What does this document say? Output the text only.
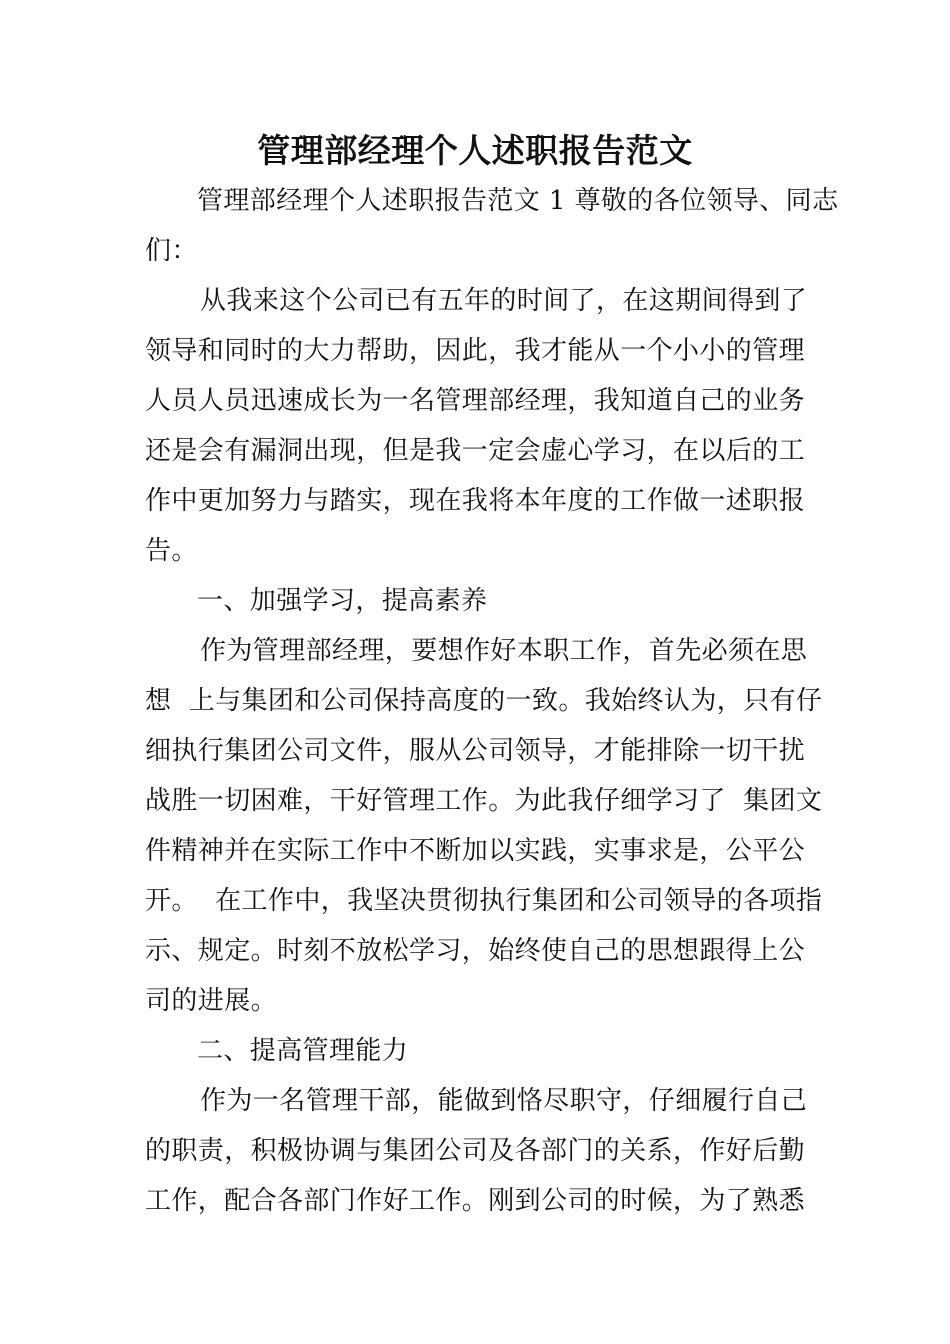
管理部经理个人述职报告范文
管理部经理个人述职报告范文 1 尊敬的各位领导、同志
们：
从我来这个公司已有五年的时间了，在这期间得到了
领导和同时的大力帮助，因此，我才能从一个小小的管理
人员人员迅速成长为一名管理部经理，我知道自己的业务
还是会有漏洞出现，但是我一定会虚心学习，在以后的工
作中更加努力与踏实，现在我将本年度的工作做一述职报
告。
一、加强学习，提高素养
作为管理部经理，要想作好本职工作，首先必须在思
想  上与集团和公司保持高度的一致。我始终认为，只有仔
细执行集团公司文件，服从公司领导，才能排除一切干扰
战胜一切困难，干好管理工作。为此我仔细学习了  集团文
件精神并在实际工作中不断加以实践，实事求是，公平公
开。  在工作中，我坚决贯彻执行集团和公司领导的各项指
示、规定。时刻不放松学习，始终使自己的思想跟得上公
司的进展。
二、提高管理能力
作为一名管理干部，能做到恪尽职守，仔细履行自己
的职责，积极协调与集团公司及各部门的关系，作好后勤
工作，配合各部门作好工作。刚到公司的时候，为了熟悉
